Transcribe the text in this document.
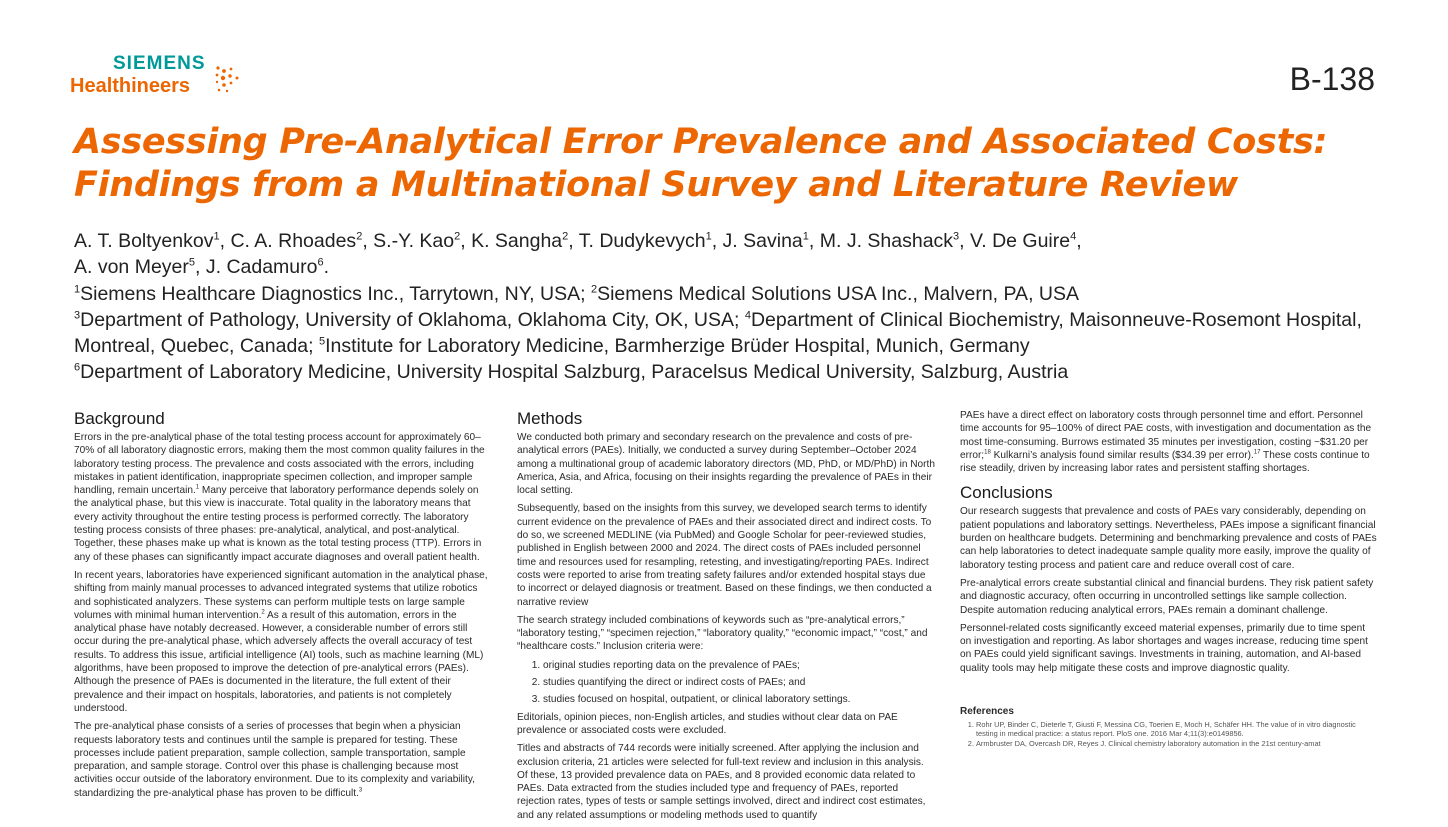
SIEMENS
Healthineers	B-138
Assessing Pre-Analytical Error Prevalence and Associated Costs:
Findings from a Multinational Survey and Literature Review
A. T. Boltyenkov$^1$, C. A. Rhoades$^2$, S.-Y. Kao$^2$, K. Sangha$^2$, T. Dudykevych$^1$, J. Savina$^1$, M. J. Shashack$^3$, V. De Guire$^4$,
A. von Meyer$^5$, J. Cadamuro$^6$.
$^1$Siemens Healthcare Diagnostics Inc., Tarrytown, NY, USA; $^2$Siemens Medical Solutions USA Inc., Malvern, PA, USA
$^3$Department of Pathology, University of Oklahoma, Oklahoma City, OK, USA; $^4$Department of Clinical Biochemistry, Maisonneuve-Rosemont Hospital, Montreal, Quebec, Canada; $^5$Institute for Laboratory Medicine, Barmherzige Brüder Hospital, Munich, Germany
$^6$Department of Laboratory Medicine, University Hospital Salzburg, Paracelsus Medical University, Salzburg, Austria
Background

Errors in the pre-analytical phase of the total testing process account for approximately 60–70% of all laboratory diagnostic errors, making them the most common quality failures in the laboratory testing process. The prevalence and costs associated with the errors, including mistakes in patient identification, inappropriate specimen collection, and improper sample handling, remain uncertain.$^1$ Many perceive that laboratory performance depends solely on the analytical phase, but this view is inaccurate. Total quality in the laboratory means that every activity throughout the entire testing process is performed correctly. The laboratory testing process consists of three phases: pre-analytical, analytical, and post-analytical. Together, these phases make up what is known as the total testing process (TTP). Errors in any of these phases can significantly impact accurate diagnoses and overall patient health.

In recent years, laboratories have experienced significant automation in the analytical phase, shifting from mainly manual processes to advanced integrated systems that utilize robotics and sophisticated analyzers. These systems can perform multiple tests on large sample volumes with minimal human intervention.$^2$ As a result of this automation, errors in the analytical phase have notably decreased. However, a considerable number of errors still occur during the pre-analytical phase, which adversely affects the overall accuracy of test results. To address this issue, artificial intelligence (AI) tools, such as machine learning (ML) algorithms, have been proposed to improve the detection of pre-analytical errors (PAEs). Although the presence of PAEs is documented in the literature, the full extent of their prevalence and their impact on hospitals, laboratories, and patients is not completely understood.

The pre-analytical phase consists of a series of processes that begin when a physician requests laboratory tests and continues until the sample is prepared for testing. These processes include patient preparation, sample collection, sample transportation, sample preparation, and sample storage. Control over this phase is challenging because most activities occur outside of the laboratory environment. Due to its complexity and variability, standardizing the pre-analytical phase has proven to be difficult.$^3$

Methods

We conducted both primary and secondary research on the prevalence and costs of pre-analytical errors (PAEs). Initially, we conducted a survey during September–October 2024 among a multinational group of academic laboratory directors (MD, PhD, or MD/PhD) in North America, Asia, and Africa, focusing on their insights regarding the prevalence of PAEs in their local setting.

Subsequently, based on the insights from this survey, we developed search terms to identify current evidence on the prevalence of PAEs and their associated direct and indirect costs. To do so, we screened MEDLINE (via PubMed) and Google Scholar for peer-reviewed studies, published in English between 2000 and 2024. The direct costs of PAEs included personnel time and resources used for resampling, retesting, and investigating/reporting PAEs. Indirect costs were reported to arise from treating safety failures and/or extended hospital stays due to incorrect or delayed diagnosis or treatment. Based on these findings, we then conducted a narrative review

The search strategy included combinations of keywords such as “pre-analytical errors,” “laboratory testing,” “specimen rejection,” “laboratory quality,” “economic impact,” “cost,” and “healthcare costs.” Inclusion criteria were:

1. original studies reporting data on the prevalence of PAEs;
2. studies quantifying the direct or indirect costs of PAEs; and
3. studies focused on hospital, outpatient, or clinical laboratory settings.

Editorials, opinion pieces, non-English articles, and studies without clear data on PAE prevalence or associated costs were excluded.

Titles and abstracts of 744 records were initially screened. After applying the inclusion and exclusion criteria, 21 articles were selected for full-text review and inclusion in this analysis. Of these, 13 provided prevalence data on PAEs, and 8 provided economic data related to PAEs. Data extracted from the studies included type and frequency of PAEs, reported rejection rates, types of tests or sample settings involved, direct and indirect cost estimates, and any related assumptions or modeling methods used to quantify

PAEs have a direct effect on laboratory costs through personnel time and effort. Personnel time accounts for 95–100% of direct PAE costs, with investigation and documentation as the most time-consuming. Burrows estimated 35 minutes per investigation, costing ~$31.20 per error;$^{18}$ Kulkarni’s analysis found similar results ($34.39 per error).$^{17}$ These costs continue to rise steadily, driven by increasing labor rates and persistent staffing shortages.

Conclusions

Our research suggests that prevalence and costs of PAEs vary considerably, depending on patient populations and laboratory settings. Nevertheless, PAEs impose a significant financial burden on healthcare budgets. Determining and benchmarking prevalence and costs of PAEs can help laboratories to detect inadequate sample quality more easily, improve the quality of laboratory testing process and patient care and reduce overall cost of care.

Pre-analytical errors create substantial clinical and financial burdens. They risk patient safety and diagnostic accuracy, often occurring in uncontrolled settings like sample collection. Despite automation reducing analytical errors, PAEs remain a dominant challenge.

Personnel-related costs significantly exceed material expenses, primarily due to time spent on investigation and reporting. As labor shortages and wages increase, reducing time spent on PAEs could yield significant savings. Investments in training, automation, and AI-based quality tools may help mitigate these costs and improve diagnostic quality.

References
1. Rohr UP, Binder C, Dieterle T, Giusti F, Messina CG, Toerien E, Moch H, Schäfer HH. The value of in vitro diagnostic testing in medical practice: a status report. PloS one. 2016 Mar 4;11(3):e0149856.
2. Armbruster DA, Overcash DR, Reyes J. Clinical chemistry laboratory automation in the 21st century-amat
